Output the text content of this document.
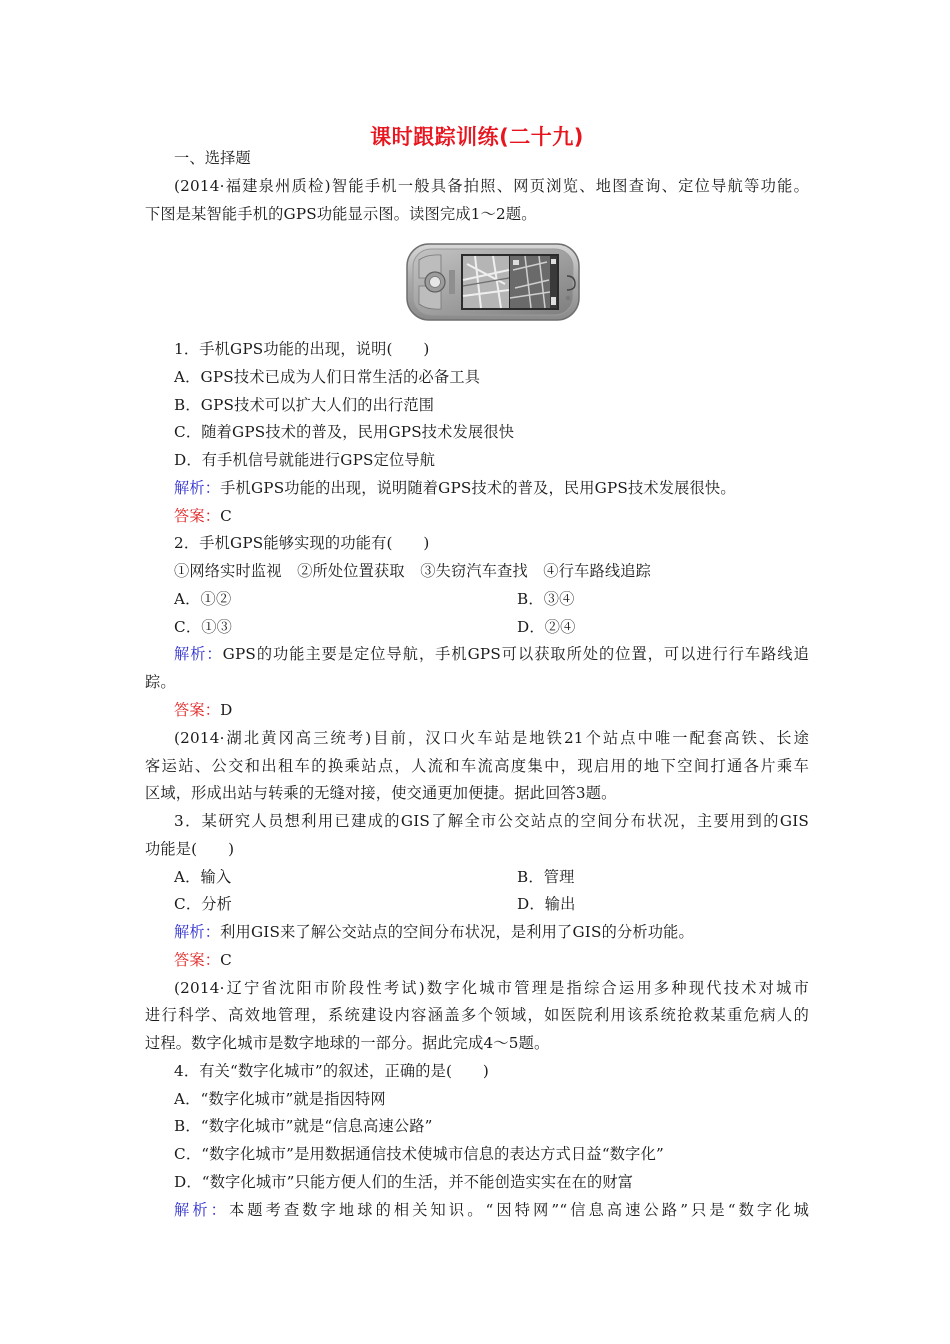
课时跟踪训练(二十九)
一、选择题
(2014·福建泉州质检)智能手机一般具备拍照、网页浏览、地图查询、定位导航等功能。
下图是某智能手机的GPS功能显示图。读图完成1～2题。
1．手机GPS功能的出现，说明(　　)
A．GPS技术已成为人们日常生活的必备工具
B．GPS技术可以扩大人们的出行范围
C．随着GPS技术的普及，民用GPS技术发展很快
D．有手机信号就能进行GPS定位导航
解析：手机GPS功能的出现，说明随着GPS技术的普及，民用GPS技术发展很快。
答案：C
2．手机GPS能够实现的功能有(　　)
①网络实时监视　②所处位置获取　③失窃汽车查找　④行车路线追踪
A．①②	B．③④
C．①③	D．②④
解析：GPS的功能主要是定位导航，手机GPS可以获取所处的位置，可以进行行车路线追
踪。
答案：D
(2014·湖北黄冈高三统考)目前，汉口火车站是地铁21个站点中唯一配套高铁、长途
客运站、公交和出租车的换乘站点，人流和车流高度集中，现启用的地下空间打通各片乘车
区域，形成出站与转乘的无缝对接，使交通更加便捷。据此回答3题。
3．某研究人员想利用已建成的GIS了解全市公交站点的空间分布状况，主要用到的GIS
功能是(　　)
A．输入	B．管理
C．分析	D．输出
解析：利用GIS来了解公交站点的空间分布状况，是利用了GIS的分析功能。
答案：C
(2014·辽宁省沈阳市阶段性考试)数字化城市管理是指综合运用多种现代技术对城市
进行科学、高效地管理，系统建设内容涵盖多个领域，如医院利用该系统抢救某重危病人的
过程。数字化城市是数字地球的一部分。据此完成4～5题。
4．有关“数字化城市”的叙述，正确的是(　　)
A．“数字化城市”就是指因特网
B．“数字化城市”就是“信息高速公路”
C．“数字化城市”是用数据通信技术使城市信息的表达方式日益“数字化”
D．“数字化城市”只能方便人们的生活，并不能创造实实在在的财富
解析：本题考查数字地球的相关知识。“因特网”“信息高速公路”只是“数字化城
